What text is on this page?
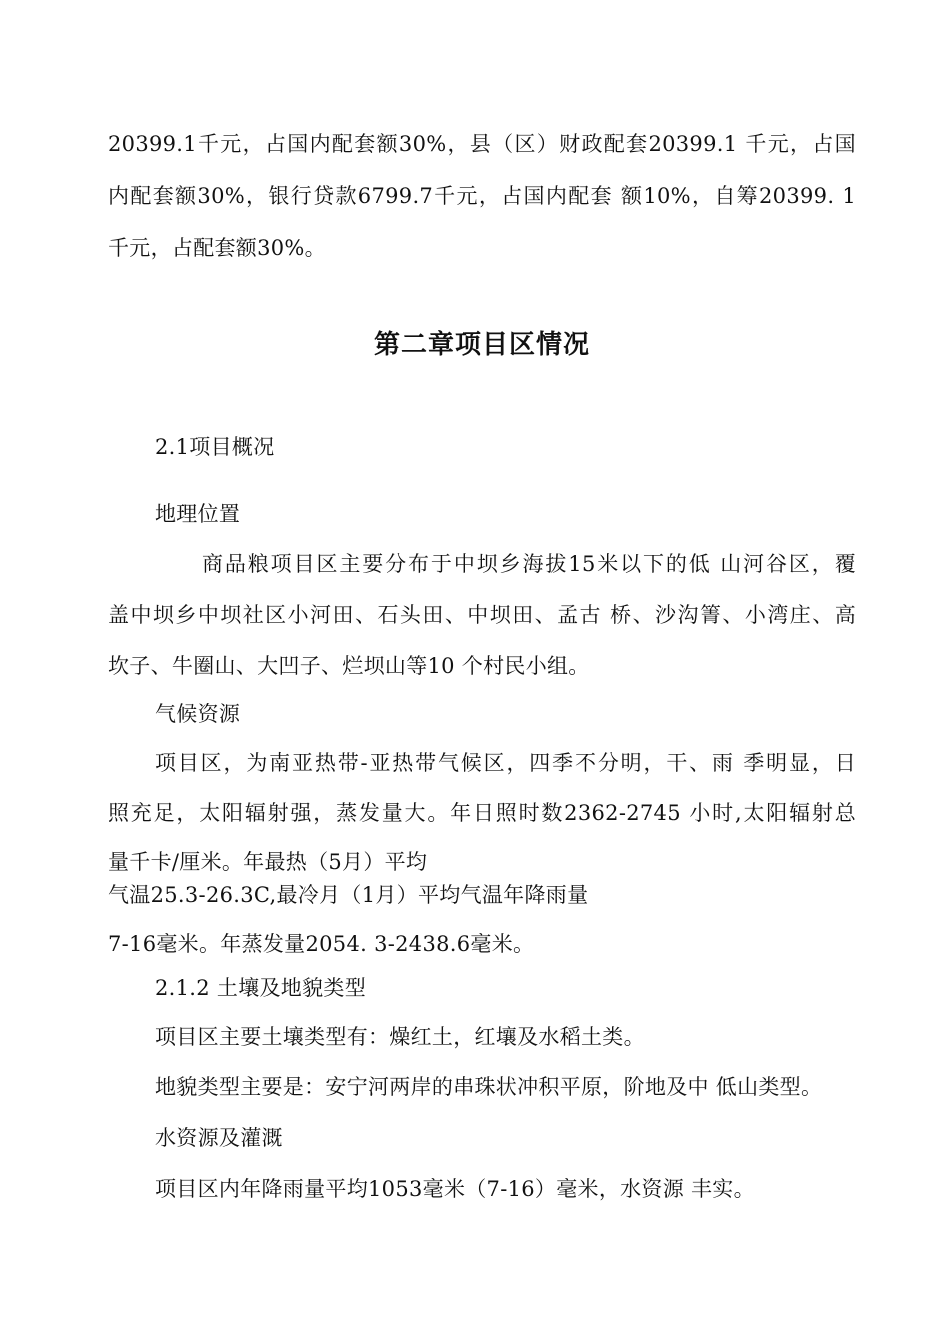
20399.1千元，占国内配套额30%，县（区）财政配套20399.1 千元，占国

内配套额30%，银行贷款6799.7千元，占国内配套 额10%，自筹20399. 1

千元，占配套额30%。

第二章项目区情况
2.1项目概况
地理位置

商品粮项目区主要分布于中坝乡海拔15米以下的低 山河谷区，覆

盖中坝乡中坝社区小河田、石头田、中坝田、孟古 桥、沙沟箐、小湾庄、高

坎子、牛圈山、大凹子、烂坝山等10 个村民小组。

气候资源

项目区，为南亚热带-亚热带气候区，四季不分明，干、雨 季明显，日

照充足，太阳辐射强，蒸发量大。年日照时数2362-2745 小时,太阳辐射总

量千卡/厘米。年最热（5月）平均

气温25.3-26.3C,最冷月（1月）平均气温年降雨量

7-16毫米。年蒸发量2054. 3-2438.6毫米。

2.1.2 土壤及地貌类型

项目区主要土壤类型有：燥红土，红壤及水稻土类。

地貌类型主要是：安宁河两岸的串珠状冲积平原，阶地及中 低山类型。

水资源及灌溉

项目区内年降雨量平均1053毫米（7-16）毫米，水资源 丰实。
